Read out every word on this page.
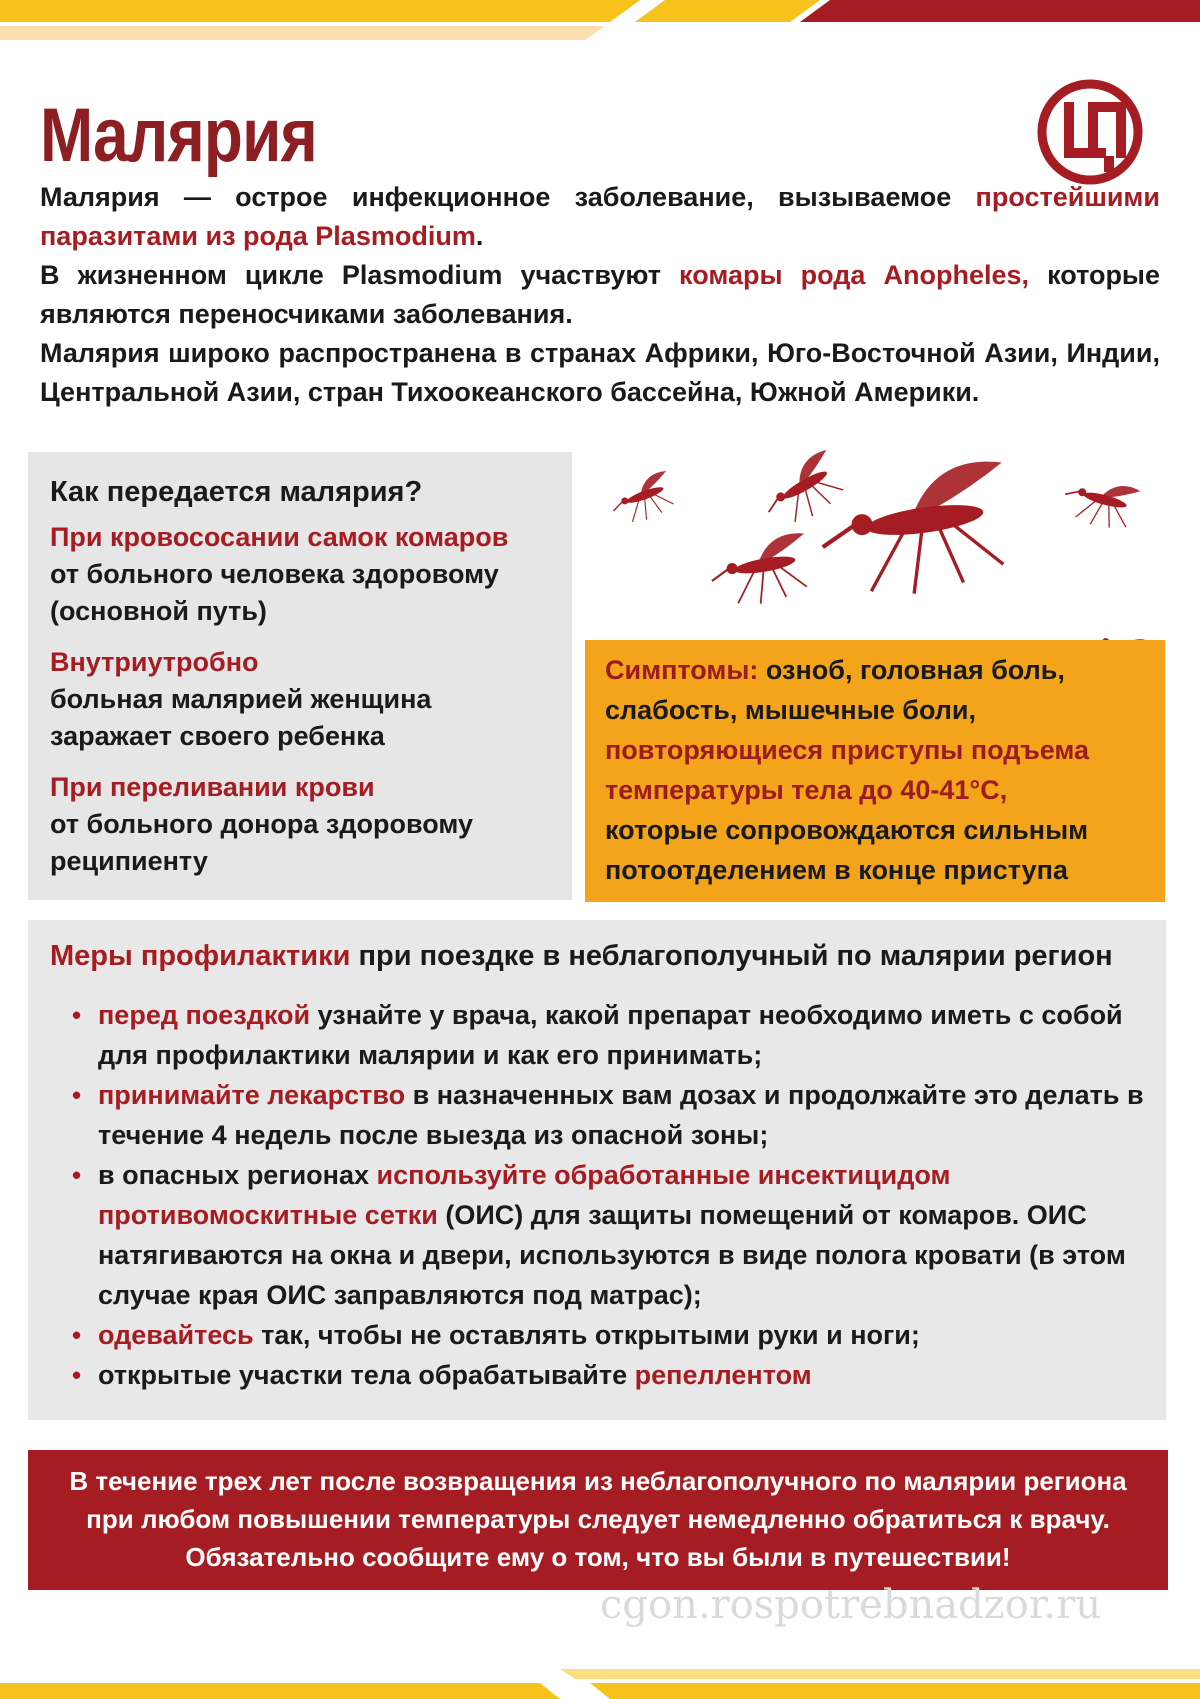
Малярия

Малярия — острое инфекционное заболевание, вызываемое простейшими паразитами из рода Plasmodium.

В жизненном цикле Plasmodium участвуют комары рода Anopheles, которые являются переносчиками заболевания.

Малярия широко распространена в странах Африки, Юго-Восточной Азии, Индии, Центральной Азии, стран Тихоокеанского бассейна, Южной Америки.

Как передается малярия?
При кровососании самок комаров
от больного человека здоровому (основной путь)
Внутриутробно
больная малярией женщина заражает своего ребенка
При переливании крови
от больного донора здоровому реципиенту
Симптомы: озноб, головная боль, слабость, мышечные боли,
повторяющиеся приступы подъема температуры тела до 40-41°С,
которые сопровождаются сильным потоотделением в конце приступа
Меры профилактики при поездке в неблагополучный по малярии регион
• перед поездкой узнайте у врача, какой препарат необходимо иметь с собой для профилактики малярии и как его принимать;
• принимайте лекарство в назначенных вам дозах и продолжайте это делать в течение 4 недель после выезда из опасной зоны;
• в опасных регионах используйте обработанные инсектицидом противомоскитные сетки (ОИС) для защиты помещений от комаров. ОИС натягиваются на окна и двери, используются в виде полога кровати (в этом случае края ОИС заправляются под матрас);
• одевайтесь так, чтобы не оставлять открытыми руки и ноги;
• открытые участки тела обрабатывайте репеллентом

В течение трех лет после возвращения из неблагополучного по малярии региона

при любом повышении температуры следует немедленно обратиться к врачу.

Обязательно сообщите ему о том, что вы были в путешествии!

cgon.rospotrebnadzor.ru
